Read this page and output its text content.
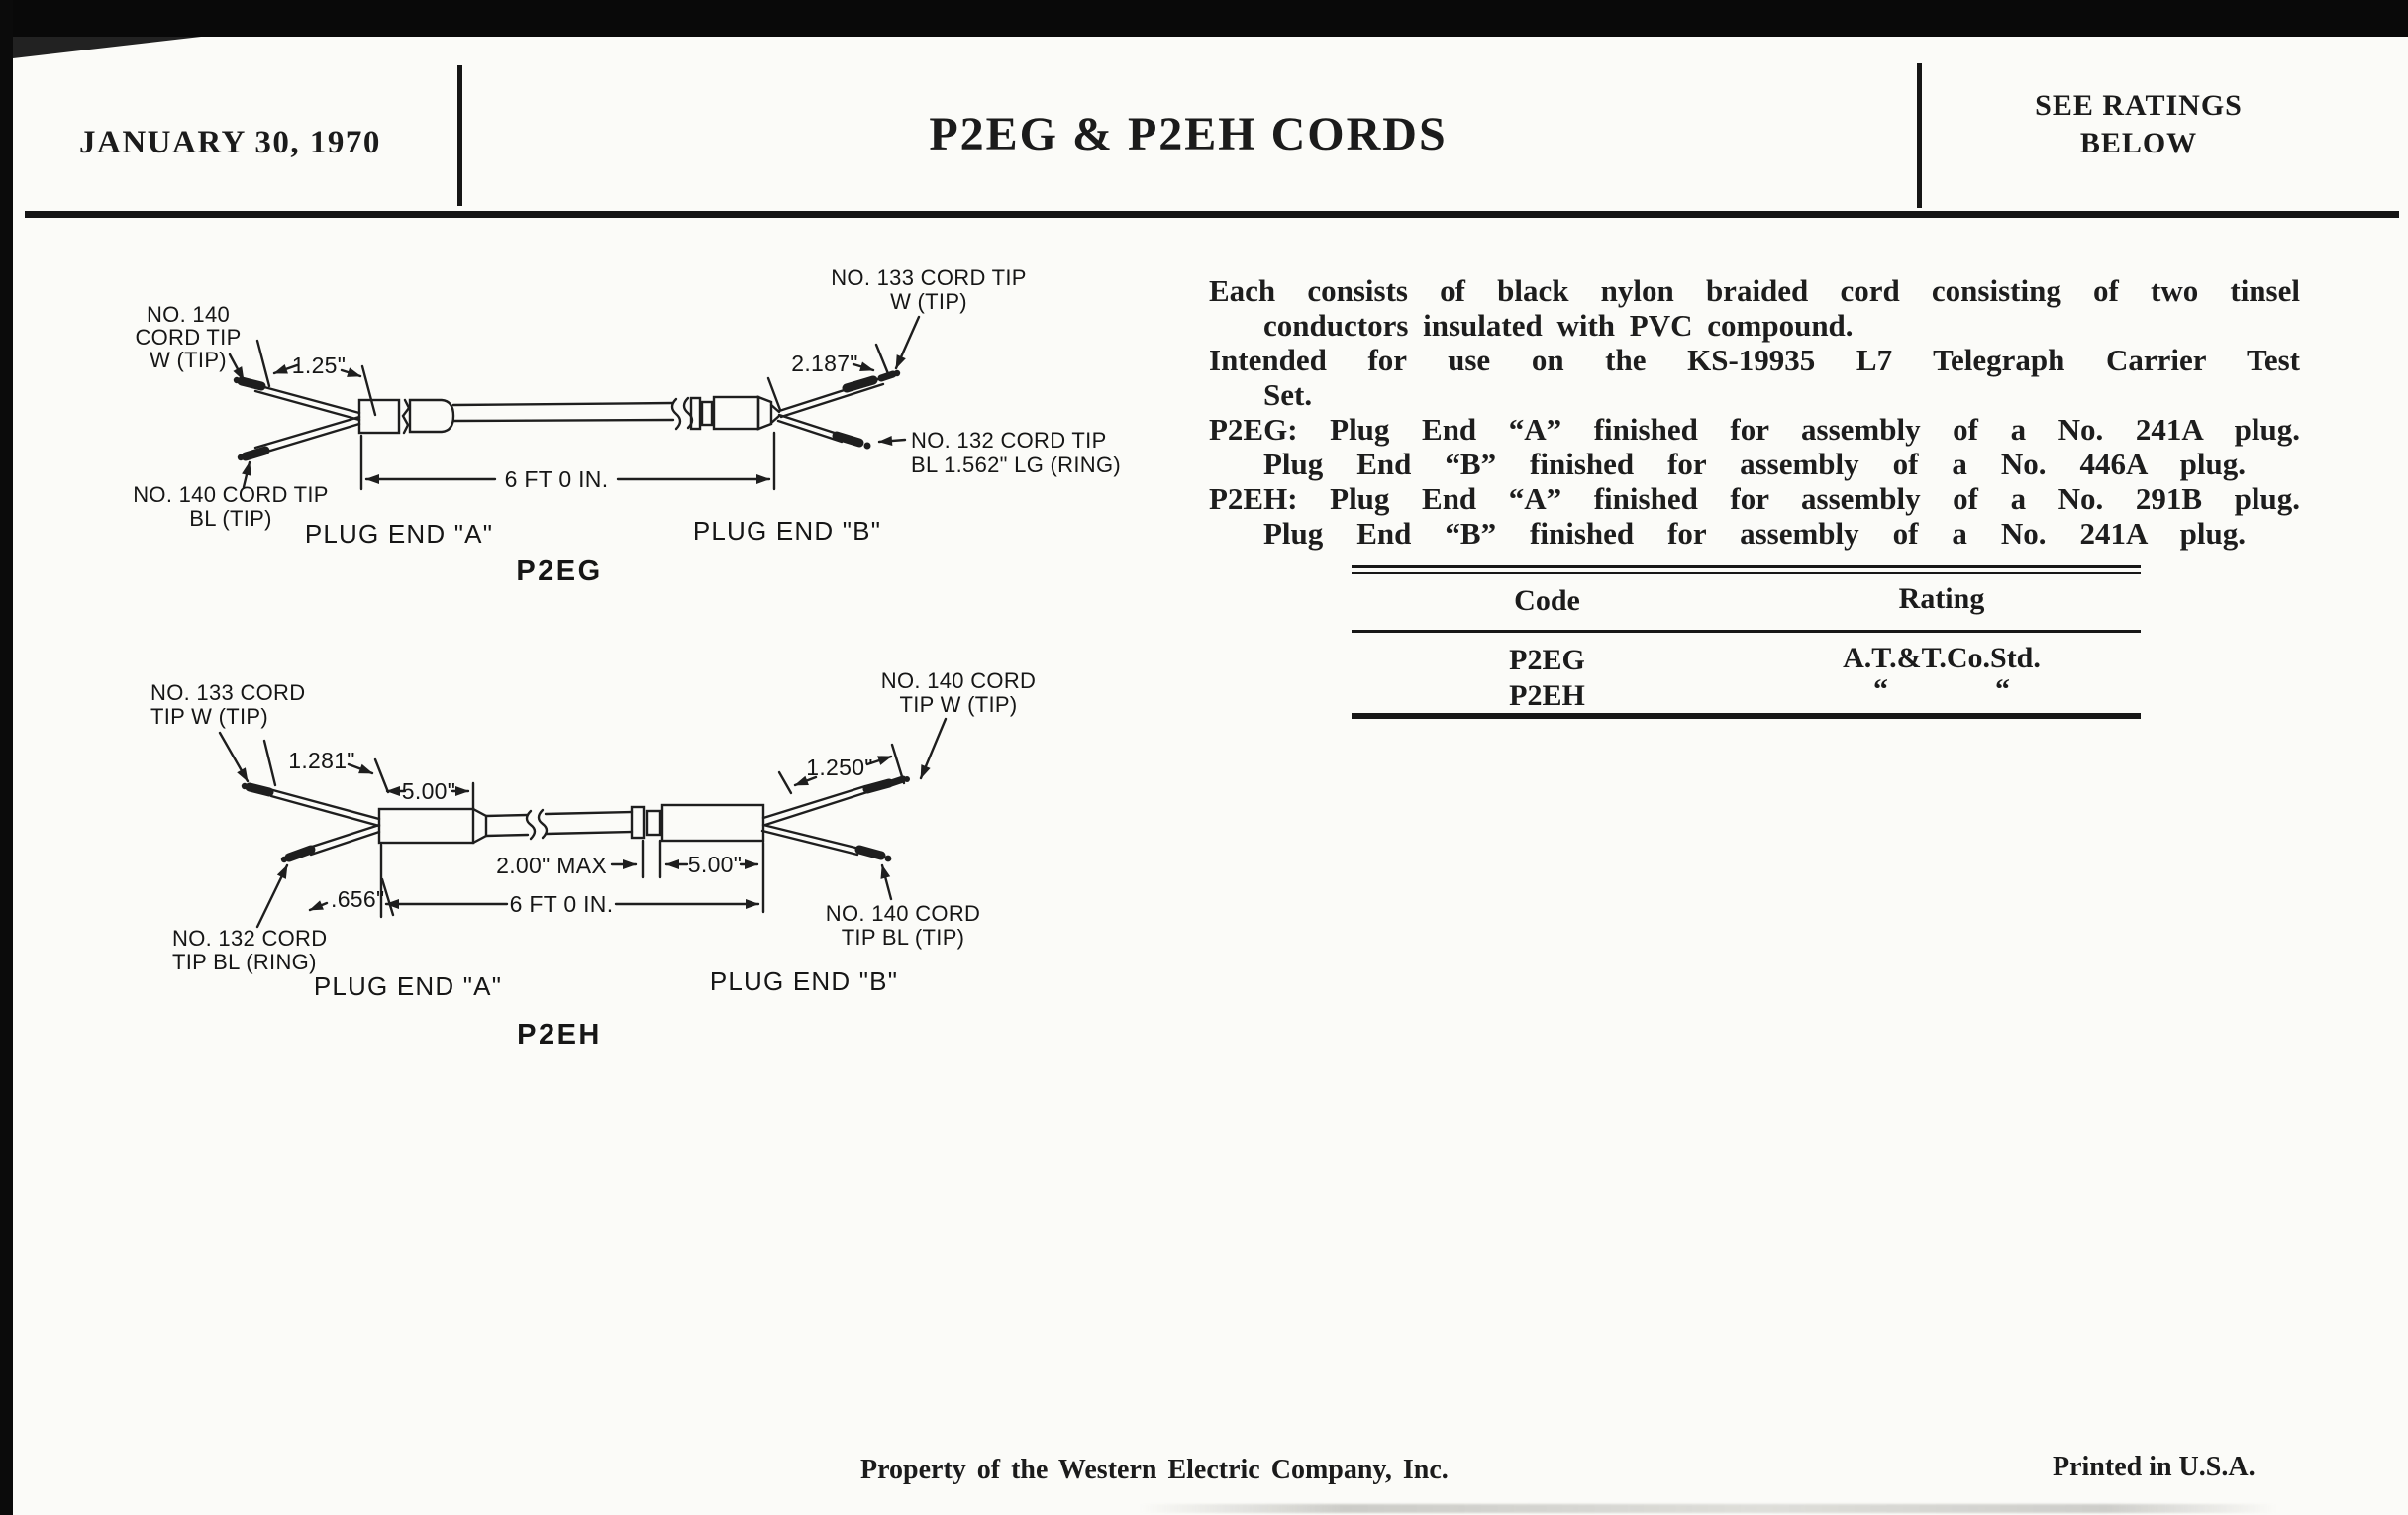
JANUARY 30, 1970	P2EG & P2EH CORDS
SEE RATINGS
BELOW
NO. 140
CORD TIP
W (TIP)	1.25"
NO. 140 CORD TIP
BL (TIP)
6 FT 0 IN.
PLUG END "A"	PLUG END "B"
P2EG
NO. 133 CORD TIP
W (TIP)
2.187"
NO. 132 CORD TIP
BL 1.562" LG (RING)
NO. 133 CORD
TIP W (TIP)
1.281"
5.00"
.656"
NO. 132 CORD
TIP BL (RING)
2.00" MAX	5.00"
6 FT 0 IN.
1.250"
NO. 140 CORD
TIP W (TIP)
NO. 140 CORD
TIP BL (TIP)
PLUG END "A"	PLUG END "B"
P2EH
Each consists of black nylon braided cord consisting of two tinsel
conductors insulated with PVC compound.
Intended for use on the KS-19935 L7 Telegraph Carrier Test
Set.
P2EG: Plug End “A” finished for assembly of a No. 241A plug.
Plug End “B” finished for assembly of a No. 446A plug.
P2EH: Plug End “A” finished for assembly of a No. 291B plug.
Plug End “B” finished for assembly of a No. 241A plug.
Code	Rating
P2EG	A.T.&T.Co.Std.
P2EH	“	“
Property of the Western Electric Company, Inc.	Printed in U.S.A.
